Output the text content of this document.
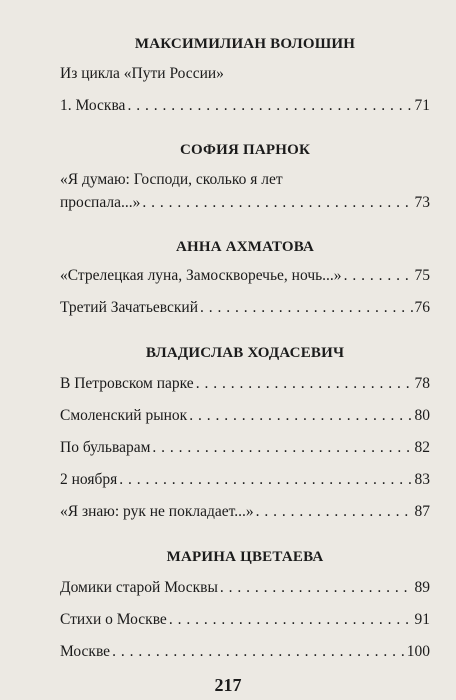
МАКСИМИЛИАН ВОЛОШИН
Из цикла «Пути России»
1. Москва . . .	71
СОФИЯ ПАРНОК
«Я думаю: Господи, сколько я лет
проспала...» . . .	73
АННА АХМАТОВА
«Стрелецкая луна, Замоскворечье, ночь...» . . .	75
Третий Зачатьевский . . .	76
ВЛАДИСЛАВ ХОДАСЕВИЧ
В Петровском парке . . .	78
Смоленский рынок . . .	80
По бульварам . . .	82
2 ноября . . .	83
«Я знаю: рук не покладает...» . . .	87
МАРИНА ЦВЕТАЕВА
Домики старой Москвы . . .	89
Стихи о Москве . . .	91
Москве . . .	100
217
